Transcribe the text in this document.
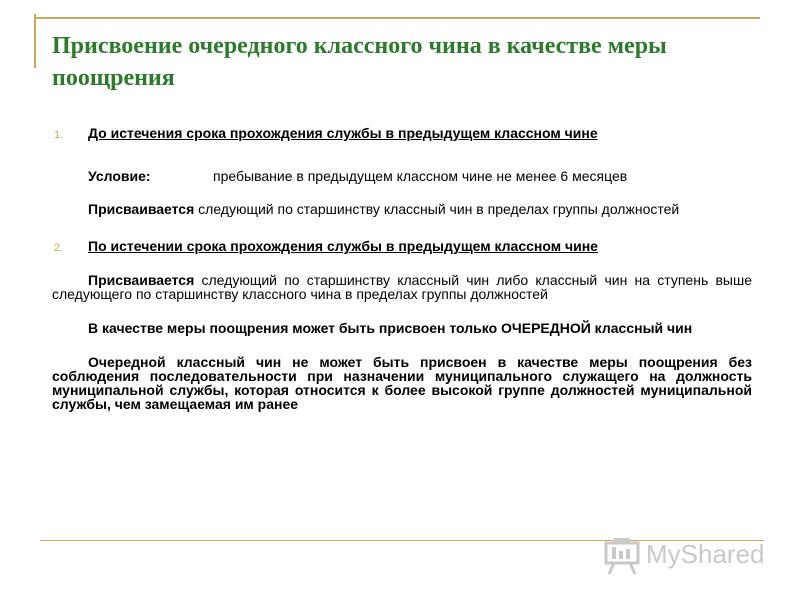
Присвоение очередного классного чина в качестве меры поощрения
1. До истечения срока прохождения службы в предыдущем классном чине
Условие:	пребывание в предыдущем классном чине не менее 6 месяцев
Присваивается следующий по старшинству классный чин в пределах группы должностей
2. По истечении срока прохождения службы в предыдущем классном чине
Присваивается следующий по старшинству классный чин либо классный чин на ступень выше следующего по старшинству классного чина в пределах группы должностей
В качестве меры поощрения может быть присвоен только ОЧЕРЕДНОЙ классный чин
Очередной классный чин не может быть присвоен в качестве меры поощрения без соблюдения последовательности при назначении муниципального служащего на должность муниципальной службы, которая относится к более высокой группе должностей муниципальной службы, чем замещаемая им ранее
MyShared
